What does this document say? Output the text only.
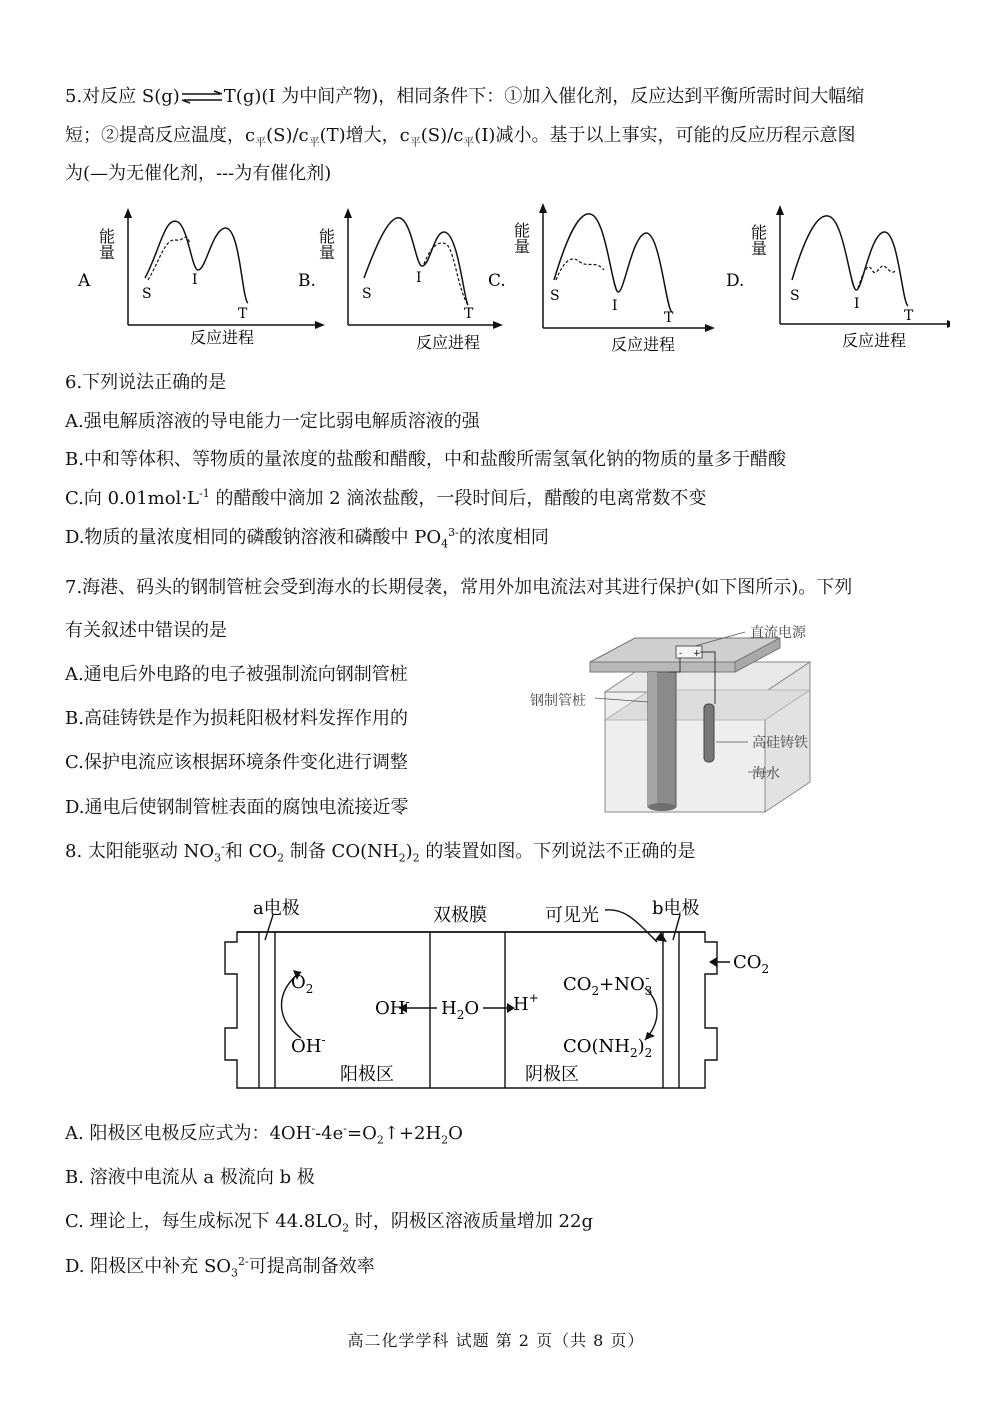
5.对反应 S(g)⇌T(g)(I 为中间产物)，相同条件下：①加入催化剂，反应达到平衡所需时间大幅缩
短；②提高反应温度，$c_平(S)/c_平(T)$增大，$c_平(S)/c_平(I)$减小。基于以上事实，可能的反应历程示意图
为(—为无催化剂，---为有催化剂)
A
能量
反应进程
S
I
T
B.
能量
反应进程
S
I
T
C.
能量
反应进程
S
I
T
D.
能量
反应进程
S	I
T
6.下列说法正确的是
A.强电解质溶液的导电能力一定比弱电解质溶液的强
B.中和等体积、等物质的量浓度的盐酸和醋酸，中和盐酸所需氢氧化钠的物质的量多于醋酸
C.向 $0.01mol\cdot L^{-1}$ 的醋酸中滴加 2 滴浓盐酸，一段时间后，醋酸的电离常数不变
D.物质的量浓度相同的磷酸钠溶液和磷酸中 $PO_4^{3-}$的浓度相同
7.海港、码头的钢制管桩会受到海水的长期侵袭，常用外加电流法对其进行保护(如下图所示)。下列
有关叙述中错误的是
A.通电后外电路的电子被强制流向钢制管桩
B.高硅铸铁是作为损耗阳极材料发挥作用的
C.保护电流应该根据环境条件变化进行调整
D.通电后使钢制管桩表面的腐蚀电流接近零
- +
直流电源
钢制管桩
高硅铸铁
海水
8. 太阳能驱动 $NO_3^-$和 $CO_2$ 制备 $CO(NH_2)_2$ 的装置如图。下列说法不正确的是
a电极	双极膜	可见光	b电极
$CO_2$
$O_2$
OH-
OH- $H_2O$ H+
$CO_2+NO_3-$
$CO(NH_2)_2$
阳极区	阴极区
A. 阳极区电极反应式为：$4OH^--4e^-=O_2↑+2H_2O$
B. 溶液中电流从 a 极流向 b 极
C. 理论上，每生成标况下 $44.8LO_2$ 时，阴极区溶液质量增加 22g
D. 阳极区中补充 $SO_3^{2-}$可提高制备效率
高二化学学科 试题 第 2 页（共 8 页）
